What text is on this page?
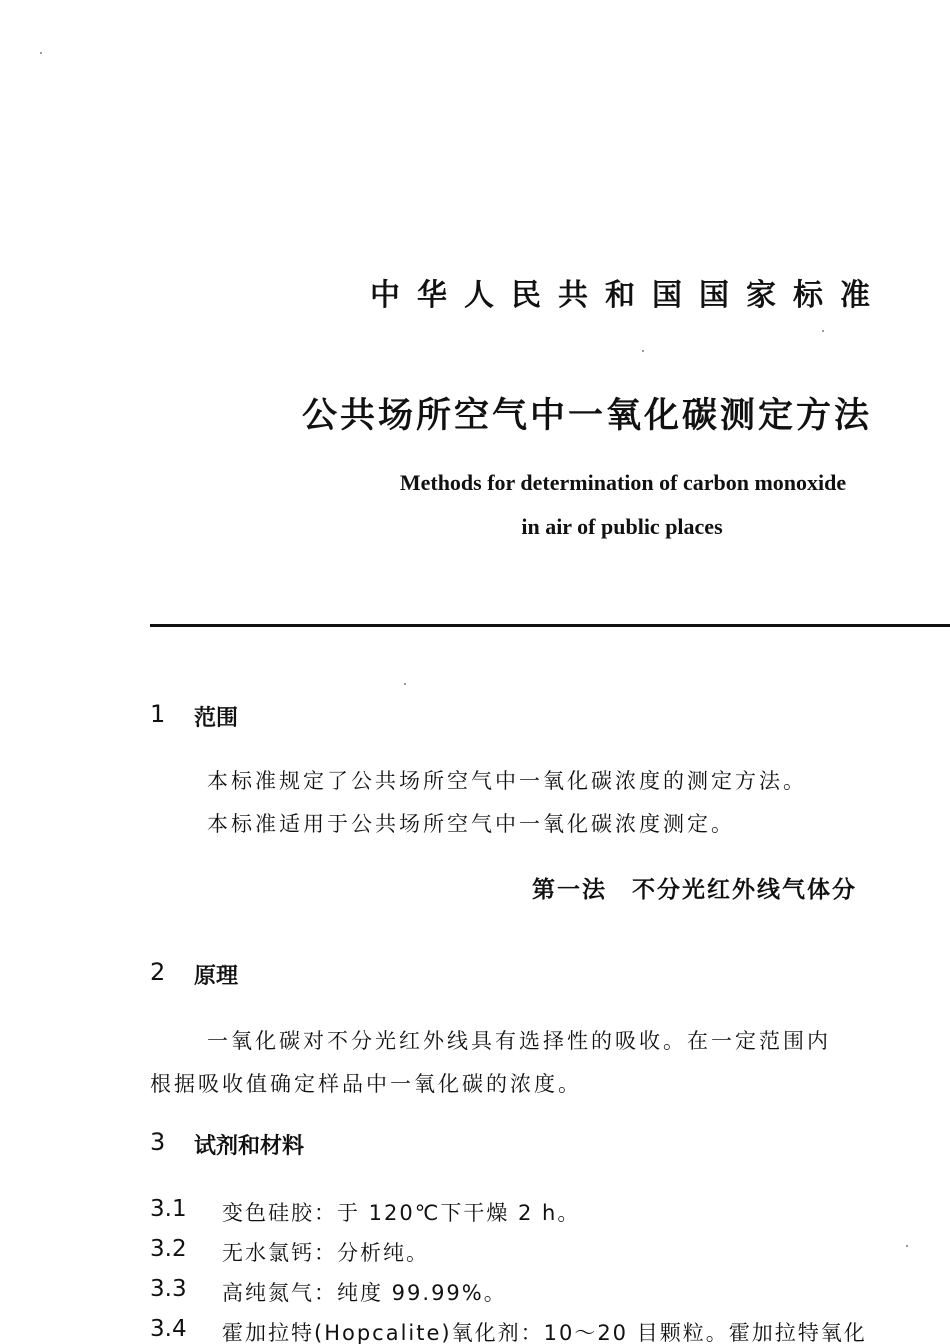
中华人民共和国国家标准
公共场所空气中一氧化碳测定方法
Methods for determination of carbon monoxide
in air of public places
1 范围
本标准规定了公共场所空气中一氧化碳浓度的测定方法。
本标准适用于公共场所空气中一氧化碳浓度测定。
第一法　不分光红外线气体分
2 原理
一氧化碳对不分光红外线具有选择性的吸收。在一定范围内
根据吸收值确定样品中一氧化碳的浓度。
3 试剂和材料
3.1 变色硅胶：于 120℃下干燥 2 h。
3.2 无水氯钙：分析纯。
3.3 高纯氮气：纯度 99.99%。
3.4 霍加拉特(Hopcalite)氧化剂：10～20 目颗粒。霍加拉特氧化
